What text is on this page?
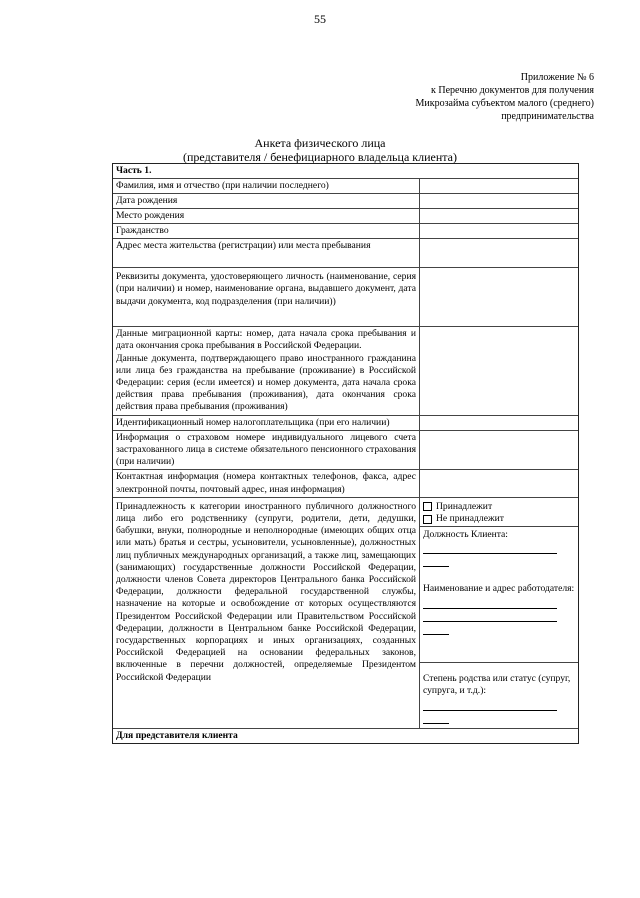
55
Приложение № 6
к Перечню документов для получения
Микрозайма субъектом малого (среднего)
предпринимательства
Анкета физического лица
(представителя / бенефициарного владельца клиента)
Часть 1.
Фамилия, имя и отчество (при наличии последнего)
Дата рождения
Место рождения
Гражданство
Адрес места жительства (регистрации) или места пребывания
Реквизиты документа, удостоверяющего личность (наименование, серия (при наличии) и номер, наименование органа, выдавшего документ, дата выдачи документа, код подразделения (при наличии))

Данные миграционной карты: номер, дата начала срока пребывания и дата окончания срока пребывания в Российской Федерации.

Данные документа, подтверждающего право иностранного гражданина или лица без гражданства на пребывание (проживание) в Российской Федерации: серия (если имеется) и номер документа, дата начала срока действия права пребывания (проживания), дата окончания срока действия права пребывания (проживания)

Идентификационный номер налогоплательщика (при его наличии)
Информация о страховом номере индивидуального лицевого счета застрахованного лица в системе обязательного пенсионного страхования (при наличии)
Контактная информация (номера контактных телефонов, факса, адрес электронной почты, почтовый адрес, иная информация)
Принадлежность к категории иностранного публичного должностного лица либо его родственнику (супруги, родители, дети, дедушки, бабушки, внуки, полнородные и неполнородные (имеющих общих отца или мать) братья и сестры, усыновители, усыновленные), должностных лиц публичных международных организаций, а также лиц, замещающих (занимающих) государственные должности Российской Федерации, должности членов Совета директоров Центрального банка Российской Федерации, должности федеральной государственной службы, назначение на которые и освобождение от которых осуществляются Президентом Российской Федерации или Правительством Российской Федерации, должности в Центральном банке Российской Федерации, государственных корпорациях и иных организациях, созданных Российской Федерацией на основании федеральных законов, включенные в перечни должностей, определяемые Президентом Российской Федерации
Принадлежит
Не принадлежит
Должность Клиента:
Наименование и адрес работодателя:
Степень родства или статус (супруг, супруга, и т.д.):
Для представителя клиента
